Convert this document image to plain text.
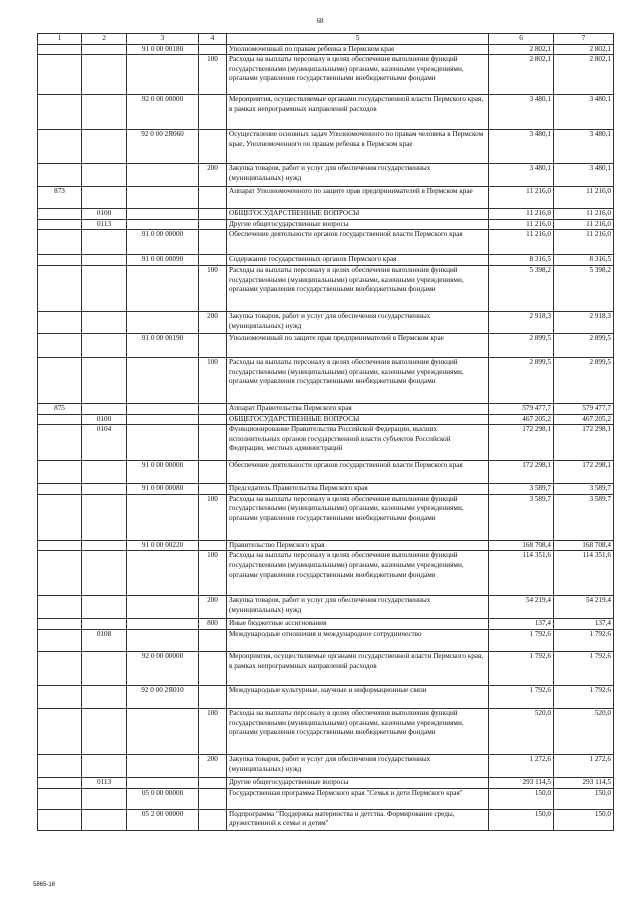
68
1	2	3	4	5	6	7
		91 0 00 00180		Уполномоченный по правам ребенка в Пермском крае	2 802,1	2 802,1
			100	Расходы на выплаты персоналу в целях обеспечения выполнения функций государственными (муниципальными) органами, казенными учреждениями, органами управления государственными внебюджетными фондами	2 802,1	2 802,1
		92 0 00 00000		Мероприятия, осуществляемые органами государственной власти Пермского края, в рамках непрограммных направлений расходов	3 480,1	3 480,1
		92 0 00 2Я060		Осуществление основных задач Уполномоченного по правам человека в Пермском крае, Уполномоченного по правам ребенка в Пермском крае	3 480,1	3 480,1
			200	Закупка товаров, работ и услуг для обеспечения государственных (муниципальных) нужд	3 480,1	3 480,1
873				Аппарат Уполномоченного по защите прав предпринимателей в Пермском крае	11 216,0	11 216,0
	0100			ОБЩЕГОСУДАРСТВЕННЫЕ ВОПРОСЫ	11 216,0	11 216,0
	0113			Другие общегосударственные вопросы	11 216,0	11 216,0
		91 0 00 00000		Обеспечение деятельности органов государственной власти Пермского края	11 216,0	11 216,0
		91 0 00 00090		Содержание государственных органов Пермского края	8 316,5	8 316,5
			100	Расходы на выплаты персоналу в целях обеспечения выполнения функций государственными (муниципальными) органами, казенными учреждениями, органами управления государственными внебюджетными фондами	5 398,2	5 398,2
			200	Закупка товаров, работ и услуг для обеспечения государственных (муниципальных) нужд	2 918,3	2 918,3
		91 0 00 00190		Уполномоченный по защите прав предпринимателей в Пермском крае	2 899,5	2 899,5
			100	Расходы на выплаты персоналу в целях обеспечения выполнения функций государственными (муниципальными) органами, казенными учреждениями, органами управления государственными внебюджетными фондами	2 899,5	2 899,5
875				Аппарат Правительства Пермского края	579 477,7	579 477,7
	0100			ОБЩЕГОСУДАРСТВЕННЫЕ ВОПРОСЫ	467 205,2	467 205,2
	0104			Функционирование Правительства Российской Федерации, высших исполнительных органов государственной власти субъектов Российской Федерации, местных администраций	172 298,1	172 298,1
		91 0 00 00000		Обеспечение деятельности органов государственной власти Пермского края	172 298,1	172 298,1
		91 0 00 00080		Председатель Правительства Пермского края	3 589,7	3 589,7
			100	Расходы на выплаты персоналу в целях обеспечения выполнения функций государственными (муниципальными) органами, казенными учреждениями, органами управления государственными внебюджетными фондами	3 589,7	3 589,7
		91 0 00 00220		Правительство Пермского края	168 708,4	168 708,4
			100	Расходы на выплаты персоналу в целях обеспечения выполнения функций государственными (муниципальными) органами, казенными учреждениями, органами управления государственными внебюджетными фондами	114 351,6	114 351,6
			200	Закупка товаров, работ и услуг для обеспечения государственных (муниципальных) нужд	54 219,4	54 219,4
			800	Иные бюджетные ассигнования	137,4	137,4
	0108			Международные отношения и международное сотрудничество	1 792,6	1 792,6
		92 0 00 00000		Мероприятия, осуществляемые органами государственной власти Пермского края, в рамках непрограммных направлений расходов	1 792,6	1 792,6
		92 0 00 2Я010		Международные культурные, научные и информационные связи	1 792,6	1 792,6
			100	Расходы на выплаты персоналу в целях обеспечения выполнения функций государственными (муниципальными) органами, казенными учреждениями, органами управления государственными внебюджетными фондами	520,0	520,0
			200	Закупка товаров, работ и услуг для обеспечения государственных (муниципальных) нужд	1 272,6	1 272,6
	0113			Другие общегосударственные вопросы	293 114,5	293 114,5
		05 0 00 00000		Государственная программа Пермского края "Семья и дети Пермского края"	150,0	150,0
		05 2 00 00000		Подпрограмма "Поддержка материнства и детства. Формирование среды, дружественной к семье и детям"	150,0	150,0
5865-16
